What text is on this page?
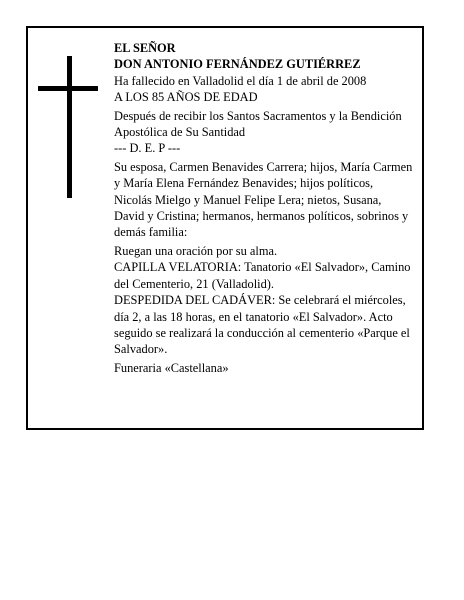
EL SEÑOR

DON ANTONIO FERNÁNDEZ GUTIÉRREZ

Ha fallecido en Valladolid el día 1 de abril de 2008

A LOS 85 AÑOS DE EDAD

Después de recibir los Santos Sacramentos y la Bendición Apostólica de Su Santidad

--- D. E. P ---

Su esposa, Carmen Benavides Carrera; hijos, María Carmen y María Elena Fernández Benavides; hijos políticos, Nicolás Mielgo y Manuel Felipe Lera; nietos, Susana, David y Cristina; hermanos, hermanos políticos, sobrinos y demás familia:

Ruegan una oración por su alma.

CAPILLA VELATORIA: Tanatorio «El Salvador», Camino del Cementerio, 21 (Valladolid).

DESPEDIDA DEL CADÁVER: Se celebrará el miércoles, día 2, a las 18 horas, en el tanatorio «El Salvador». Acto seguido se realizará la conducción al cementerio «Parque el Salvador».

Funeraria «Castellana»
